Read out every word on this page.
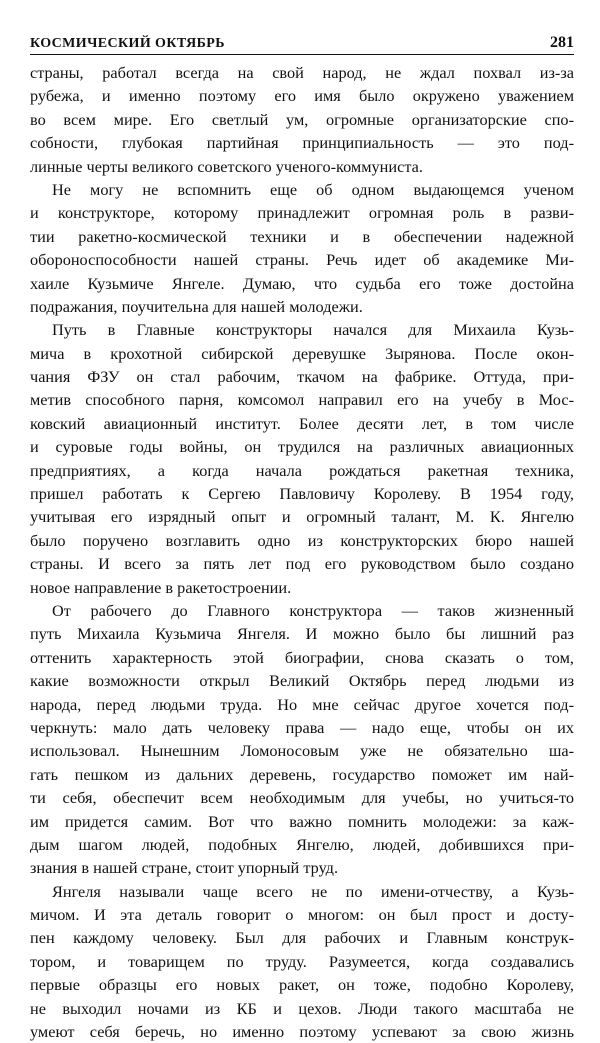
КОСМИЧЕСКИЙ ОКТЯБРЬ	281
страны, работал всегда на свой народ, не ждал похвал из-за
рубежа, и именно поэтому его имя было окружено уважением
во всем мире. Его светлый ум, огромные организаторские спо-
собности, глубокая партийная принципиальность — это под-
линные черты великого советского ученого-коммуниста.
Не могу не вспомнить еще об одном выдающемся ученом
и конструкторе, которому принадлежит огромная роль в разви-
тии ракетно-космической техники и в обеспечении надежной
обороноспособности нашей страны. Речь идет об академике Ми-
хаиле Кузьмиче Янгеле. Думаю, что судьба его тоже достойна
подражания, поучительна для нашей молодежи.
Путь в Главные конструкторы начался для Михаила Кузь-
мича в крохотной сибирской деревушке Зырянова. После окон-
чания ФЗУ он стал рабочим, ткачом на фабрике. Оттуда, при-
метив способного парня, комсомол направил его на учебу в Мос-
ковский авиационный институт. Более десяти лет, в том числе
и суровые годы войны, он трудился на различных авиационных
предприятиях, а когда начала рождаться ракетная техника,
пришел работать к Сергею Павловичу Королеву. В 1954 году,
учитывая его изрядный опыт и огромный талант, М. К. Янгелю
было поручено возглавить одно из конструкторских бюро нашей
страны. И всего за пять лет под его руководством было создано
новое направление в ракетостроении.
От рабочего до Главного конструктора — таков жизненный
путь Михаила Кузьмича Янгеля. И можно было бы лишний раз
оттенить характерность этой биографии, снова сказать о том,
какие возможности открыл Великий Октябрь перед людьми из
народа, перед людьми труда. Но мне сейчас другое хочется под-
черкнуть: мало дать человеку права — надо еще, чтобы он их
использовал. Нынешним Ломоносовым уже не обязательно ша-
гать пешком из дальних деревень, государство поможет им най-
ти себя, обеспечит всем необходимым для учебы, но учиться-то
им придется самим. Вот что важно помнить молодежи: за каж-
дым шагом людей, подобных Янгелю, людей, добившихся при-
знания в нашей стране, стоит упорный труд.
Янгеля называли чаще всего не по имени-отчеству, а Кузь-
мичом. И эта деталь говорит о многом: он был прост и досту-
пен каждому человеку. Был для рабочих и Главным конструк-
тором, и товарищем по труду. Разумеется, когда создавались
первые образцы его новых ракет, он тоже, подобно Королеву,
не выходил ночами из КБ и цехов. Люди такого масштаба не
умеют себя беречь, но именно поэтому успевают за свою жизнь
